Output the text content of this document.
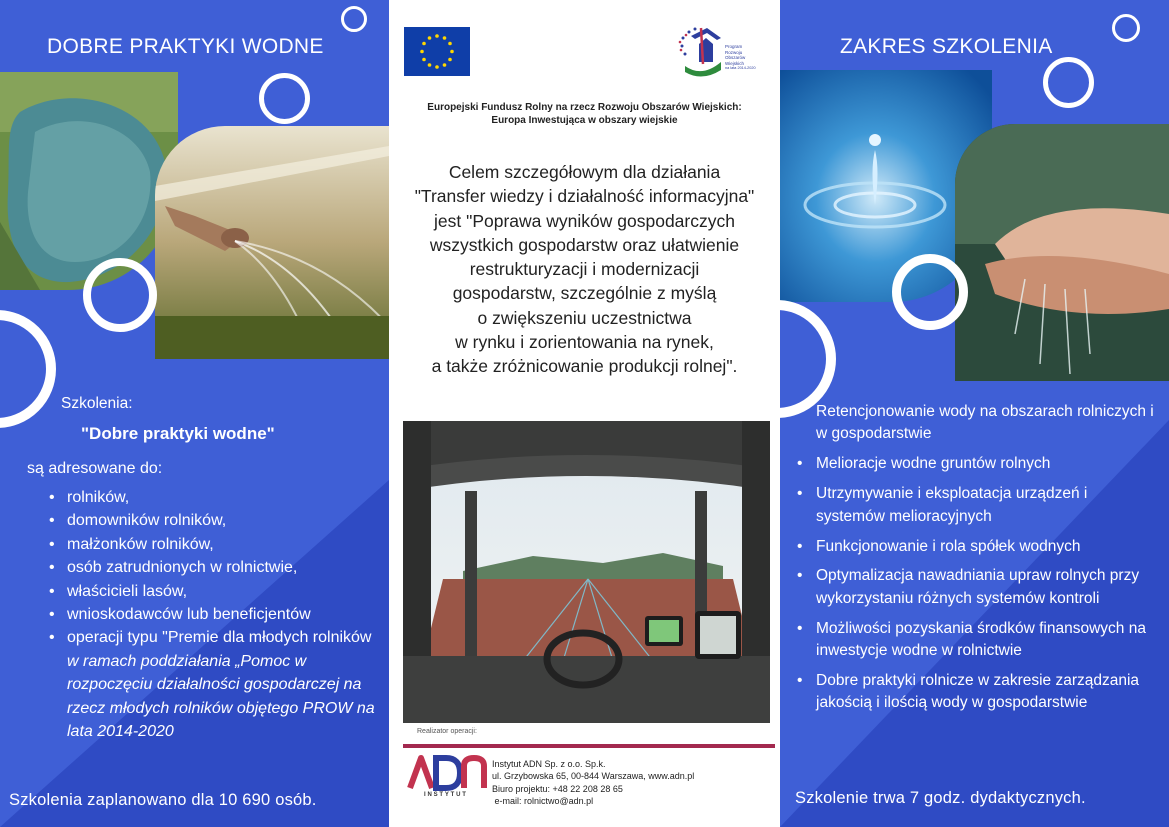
DOBRE PRAKTYKI WODNE
Szkolenia:
"Dobre praktyki wodne"
są adresowane do:
• rolników,
• domowników rolników,
• małżonków rolników,
• osób zatrudnionych w rolnictwie,
• właścicieli lasów,
• wnioskodawców lub beneficjentów
• operacji typu "Premie dla młodych rolników w ramach poddziałania „Pomoc w rozpoczęciu działalności gospodarczej na rzecz młodych rolników objętego PROW na lata 2014-2020
Szkolenia zaplanowano dla 10 690 osób.
Program
Rozwoju
Obszarów
Wiejskich
na lata 2014-2020
Europejski Fundusz Rolny na rzecz Rozwoju Obszarów Wiejskich:
Europa Inwestująca w obszary wiejskie
Celem szczegółowym dla działania
"Transfer wiedzy i działalność informacyjna"
jest "Poprawa wyników gospodarczych
wszystkich gospodarstw oraz ułatwienie
restrukturyzacji i modernizacji
gospodarstw, szczególnie z myślą
o zwiększeniu uczestnictwa
w rynku i zorientowania na rynek,
a także zróżnicowanie produkcji rolnej".
Realizator operacji:
INSTYTUT
Instytut ADN Sp. z o.o. Sp.k.
ul. Grzybowska 65, 00-844 Warszawa, www.adn.pl
Biuro projektu: +48 22 208 28 65
e-mail: rolnictwo@adn.pl
ZAKRES SZKOLENIA
• Retencjonowanie wody na obszarach rolniczych i w gospodarstwie
• Melioracje wodne gruntów rolnych
• Utrzymywanie i eksploatacja urządzeń i systemów melioracyjnych
• Funkcjonowanie i rola spółek wodnych
• Optymalizacja nawadniania upraw rolnych przy wykorzystaniu różnych systemów kontroli
• Możliwości pozyskania środków finansowych na inwestycje wodne w rolnictwie
• Dobre praktyki rolnicze w zakresie zarządzania jakością i ilością wody w gospodarstwie
Szkolenie trwa 7 godz. dydaktycznych.
